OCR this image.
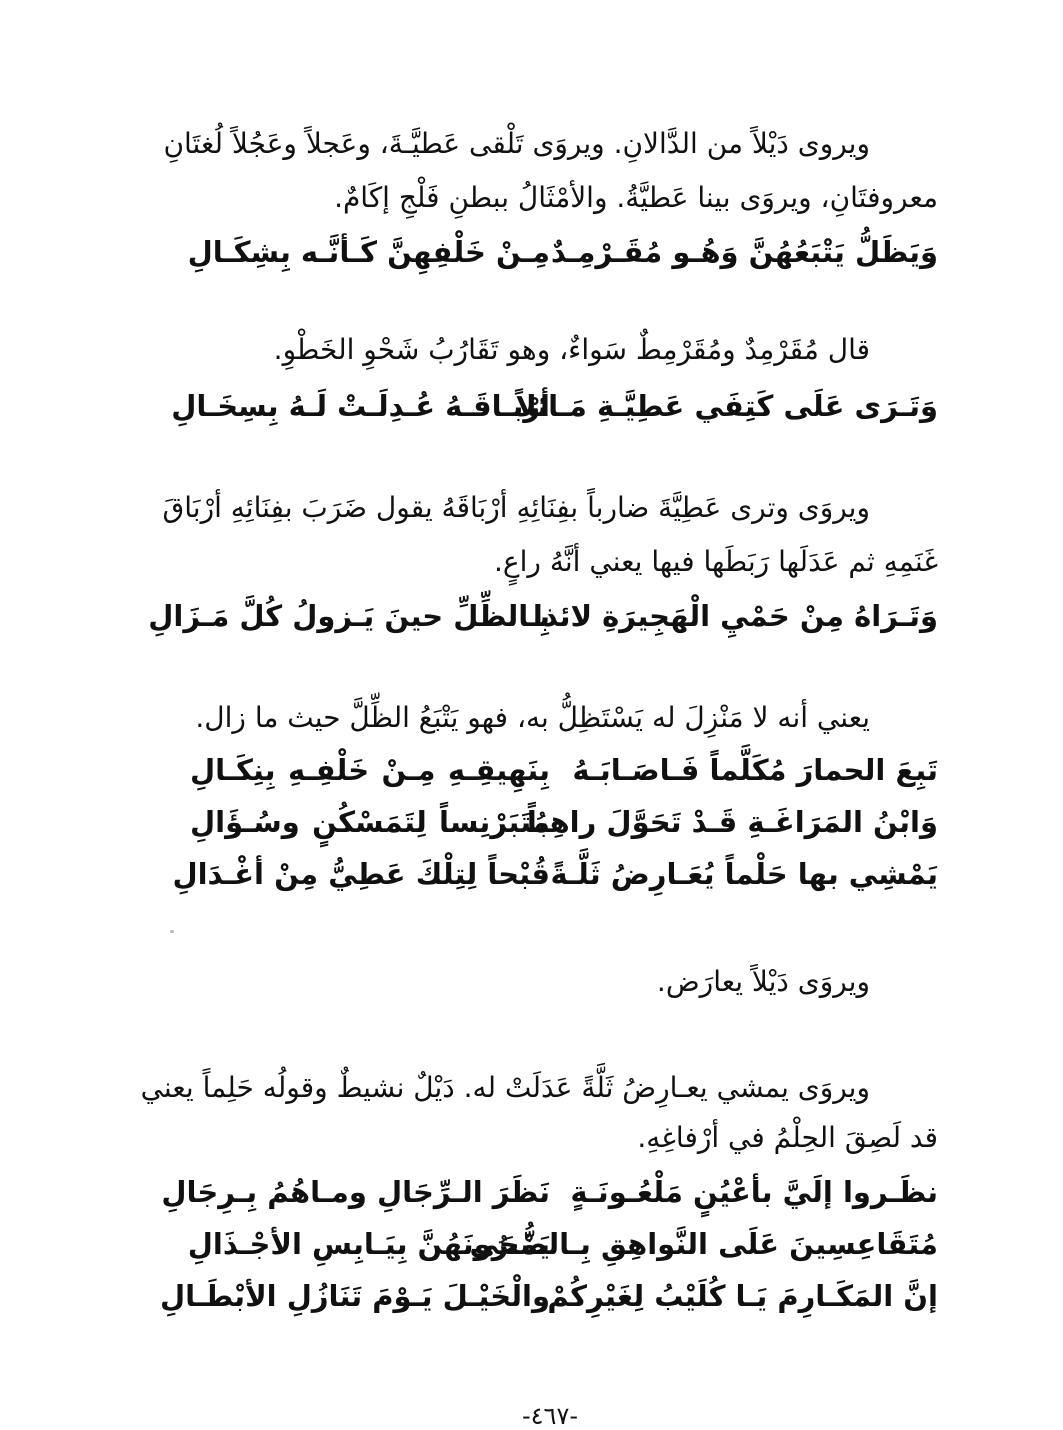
ويروى دَيْلاً من الدَّالانِ. ويروَى تَلْقى عَطيَّـةَ، وعَجلاً وعَجُلاً لُغتَانِ
معروفتَانِ، ويروَى بينا عَطيَّةُ. والأمْثَالُ ببطنِ فَلْجِ إكَامٌ.
وَيَظَلُّ يَتْبَعُهُنَّ وَهُـو مُقَـرْمِـدٌ
مِـنْ خَلْفِهِنَّ كَـأنَّـه بِشِكَـالِ
قال مُقَرْمِدٌ ومُقَرْمِطٌ سَواءٌ، وهو تَقَارُبُ شَحْوِ الخَطْوِ.
وَتَـرَى عَلَى كَتِفَي عَطِيَّـةِ مَـائلاً
أرْبـاقَـهُ عُـدِلَـتْ لَـهُ بِسِخَـالِ
ويروَى وترى عَطِيَّةَ ضارباً بفِنَائِهِ أرْبَاقَهُ يقول ضَرَبَ بفِنَائِهِ أرْبَاقَ
غَنَمِهِ ثم عَدَلَها رَبَطَها فيها يعني أنَّهُ راعٍ.
وَتَـرَاهُ مِنْ حَمْيِ الْهَجِيرَةِ لائذا
بِـالظِّلِّ حينَ يَـزولُ كُلَّ مَـزَالِ
يعني أنه لا مَنْزِلَ له يَسْتَظِلُّ به، فهو يَتْبَعُ الظِّلَّ حيث ما زال.
تَبِعَ الحمارَ مُكَلَّماً فَـاصَـابَـهُ
بِنَهِيقِـهِ مِـنْ خَلْفِـهِ بِنِكَـالِ
وَابْنُ المَرَاغَـةِ قَـدْ تَحَوَّلَ راهِباً
مُتَبَرْنِساً لِتَمَسْكُنٍ وسُـؤَالِ
يَمْشِي بها حَلْماً يُعَـارِضُ ثَلَّـةً
قُبْحاً لِتِلْكَ عَطِيُّ مِنْ أغْـدَالِ
ويروَى دَيْلاً يعارَض.
ويروَى يمشي يعـارِضُ ثَلَّةً عَدَلَتْ له. دَيْلٌ نشيطٌ وقولُه حَلِماً يعني
قد لَصِقَ الحِلْمُ في أرْفاغِهِ.
نظَـروا إلَيَّ بأعْيُنٍ مَلْعُـونَـةٍ
نَظَرَ الـرِّجَالِ ومـاهُمُ بِـرِجَالِ
مُتَقَاعِسِينَ عَلَى النَّواهِقِ بِـالضُّحَى
يَمْـرُونَهُنَّ بِيَـابِسِ الأجْـذَالِ
إنَّ المَكَـارِمَ يَـا كُلَيْبُ لِغَيْرِكُمْ
والْخَيْـلَ يَـوْمَ تَنَازُلِ الأبْطَـالِ
-٤٦٧-
